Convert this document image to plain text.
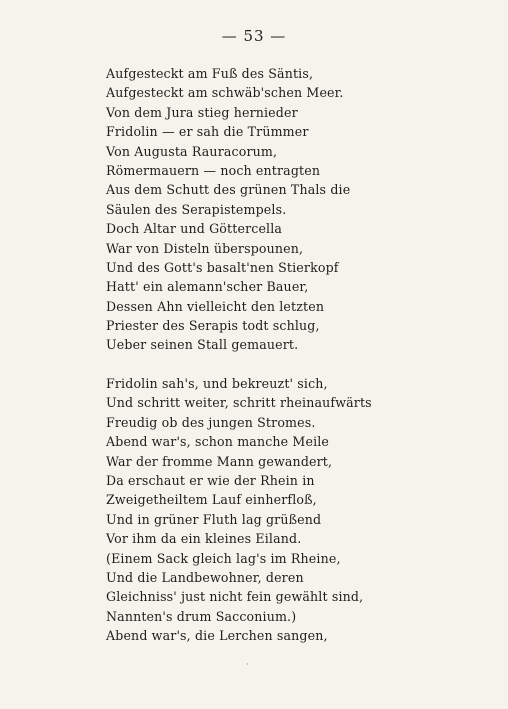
— 53 —
Aufgesteckt am Fuß des Säntis,
Aufgesteckt am schwäb'schen Meer.
Von dem Jura stieg hernieder
Fridolin — er sah die Trümmer
Von Augusta Rauracorum,
Römermauern — noch entragten
Aus dem Schutt des grünen Thals die
Säulen des Serapistempels.
Doch Altar und Göttercella
War von Disteln überspounen,
Und des Gott's basalt'nen Stierkopf
Hatt' ein alemann'scher Bauer,
Dessen Ahn vielleicht den letzten
Priester des Serapis todt schlug,
Ueber seinen Stall gemauert.
Fridolin sah's, und bekreuzt' sich,
Und schritt weiter, schritt rheinaufwärts
Freudig ob des jungen Stromes.
Abend war's, schon manche Meile
War der fromme Mann gewandert,
Da erschaut er wie der Rhein in
Zweigetheiltem Lauf einherfloß,
Und in grüner Fluth lag grüßend
Vor ihm da ein kleines Eiland.
(Einem Sack gleich lag's im Rheine,
Und die Landbewohner, deren
Gleichniss' just nicht fein gewählt sind,
Nannten's drum Sacconium.)
Abend war's, die Lerchen sangen,
·
